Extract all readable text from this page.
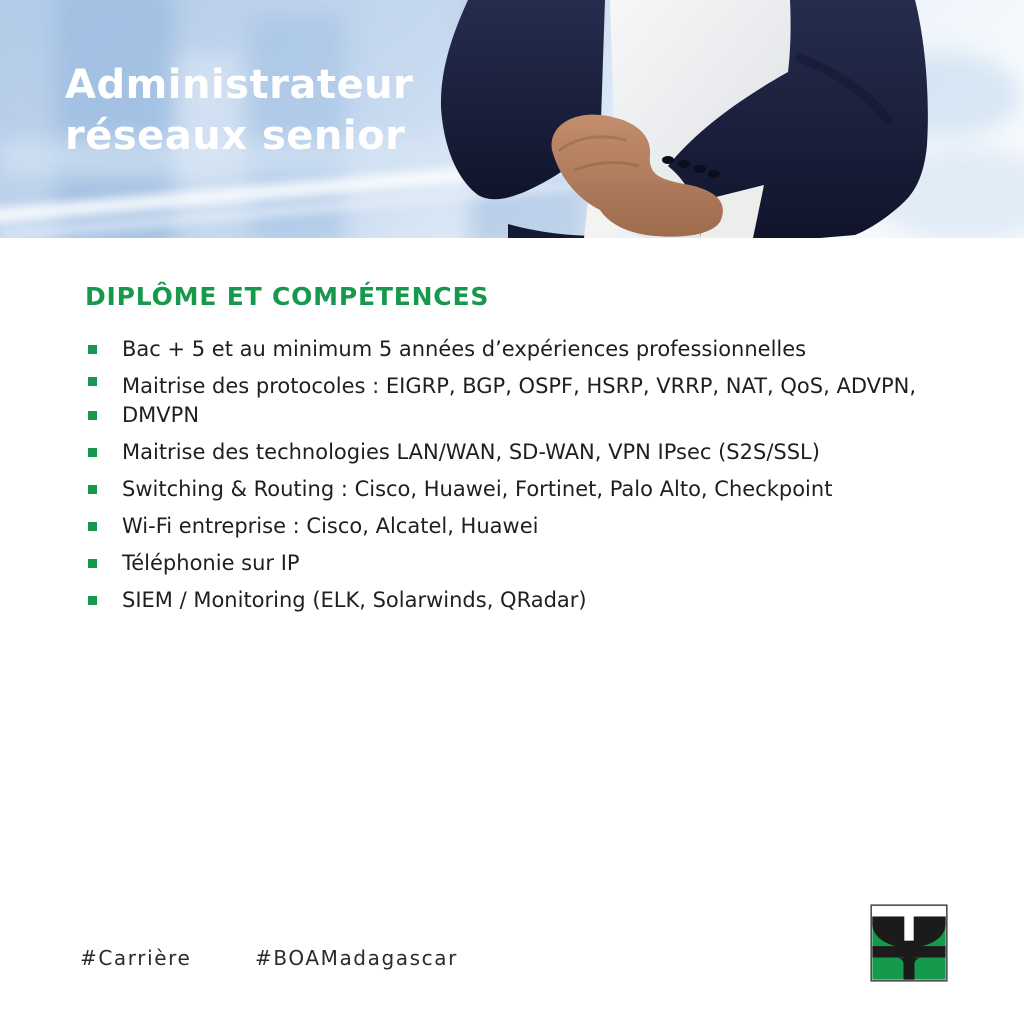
Administrateur
réseaux senior
DIPLÔME ET COMPÉTENCES
Bac + 5 et au minimum 5 années d’expériences professionnelles
Maitrise des protocoles : EIGRP, BGP, OSPF, HSRP, VRRP, NAT, QoS, ADVPN,
DMVPN
Maitrise des technologies LAN/WAN, SD-WAN, VPN IPsec (S2S/SSL)
Switching & Routing : Cisco, Huawei, Fortinet, Palo Alto, Checkpoint
Wi-Fi entreprise : Cisco, Alcatel, Huawei
Téléphonie sur IP
SIEM / Monitoring (ELK, Solarwinds, QRadar)
#Carrière	#BOAMadagascar
